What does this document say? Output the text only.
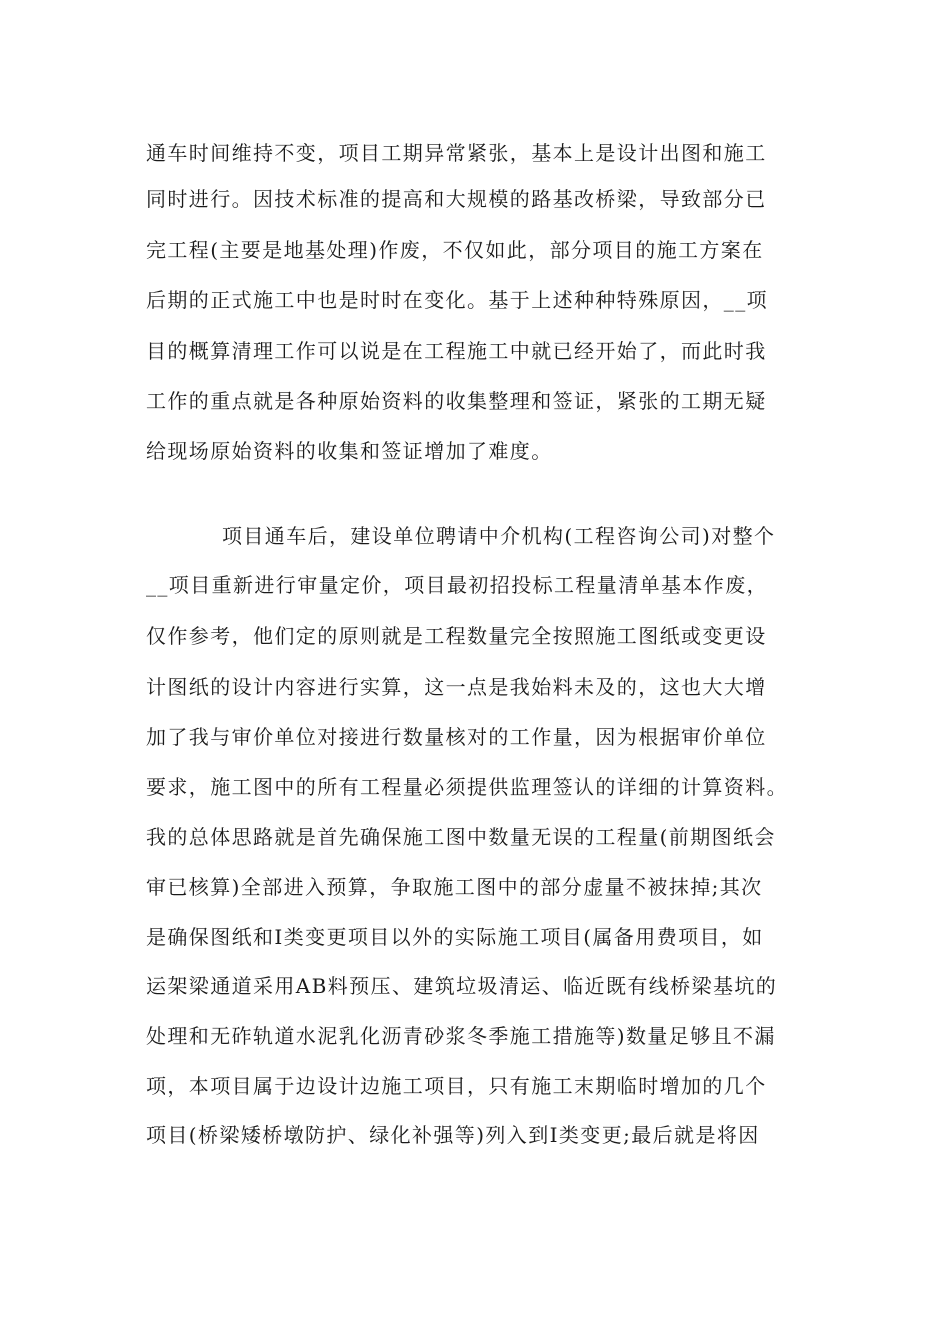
通车时间维持不变，项目工期异常紧张，基本上是设计出图和施工
同时进行。因技术标准的提高和大规模的路基改桥梁，导致部分已
完工程(主要是地基处理)作废，不仅如此，部分项目的施工方案在
后期的正式施工中也是时时在变化。基于上述种种特殊原因，__项
目的概算清理工作可以说是在工程施工中就已经开始了，而此时我
工作的重点就是各种原始资料的收集整理和签证，紧张的工期无疑
给现场原始资料的收集和签证增加了难度。
项目通车后，建设单位聘请中介机构(工程咨询公司)对整个
__项目重新进行审量定价，项目最初招投标工程量清单基本作废，
仅作参考，他们定的原则就是工程数量完全按照施工图纸或变更设
计图纸的设计内容进行实算，这一点是我始料未及的，这也大大增
加了我与审价单位对接进行数量核对的工作量，因为根据审价单位
要求，施工图中的所有工程量必须提供监理签认的详细的计算资料。
我的总体思路就是首先确保施工图中数量无误的工程量(前期图纸会
审已核算)全部进入预算，争取施工图中的部分虚量不被抹掉;其次
是确保图纸和Ⅰ类变更项目以外的实际施工项目(属备用费项目，如
运架梁通道采用AB料预压、建筑垃圾清运、临近既有线桥梁基坑的
处理和无砟轨道水泥乳化沥青砂浆冬季施工措施等)数量足够且不漏
项，本项目属于边设计边施工项目，只有施工末期临时增加的几个
项目(桥梁矮桥墩防护、绿化补强等)列入到Ⅰ类变更;最后就是将因
